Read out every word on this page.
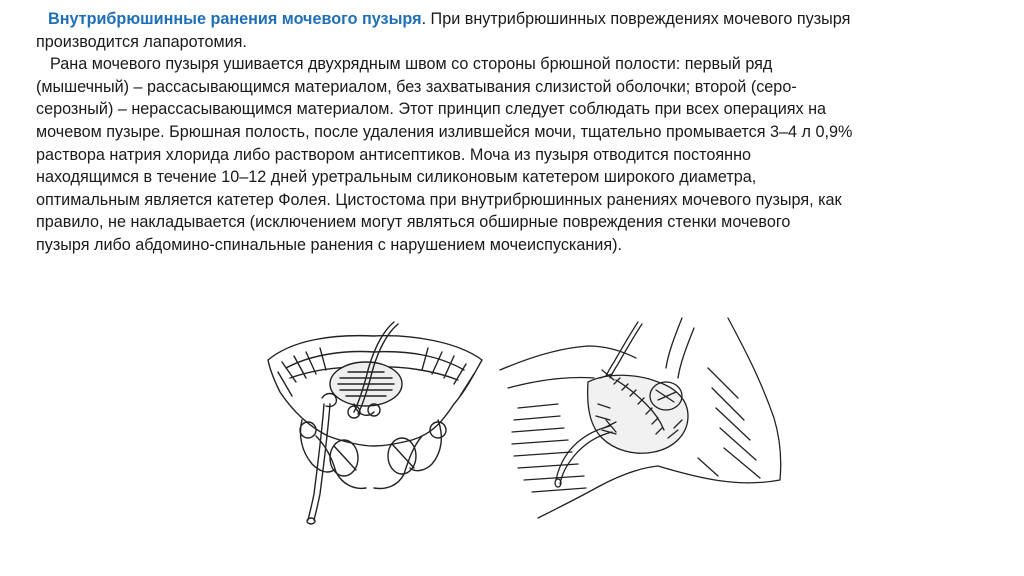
Внутрибрюшинные ранения мочевого пузыря. При внутрибрюшинных повреждениях мочевого пузыря

производится лапаротомия.

Рана мочевого пузыря ушивается двухрядным швом со стороны брюшной полости: первый ряд

(мышечный) – рассасывающимся материалом, без захватывания слизистой оболочки; второй (серо-

серозный) – нерассасывающимся материалом. Этот принцип следует соблюдать при всех операциях на

мочевом пузыре. Брюшная полость, после удаления излившейся мочи, тщательно промывается 3–4 л 0,9%

раствора натрия хлорида либо раствором антисептиков. Моча из пузыря отводится постоянно

находящимся в течение 10–12 дней уретральным силиконовым катетером широкого диаметра,

оптимальным является катетер Фолея. Цистостома при внутрибрюшинных ранениях мочевого пузыря, как

правило, не накладывается (исключением могут являться обширные повреждения стенки мочевого

пузыря либо абдомино-спинальные ранения с нарушением мочеиспускания).
